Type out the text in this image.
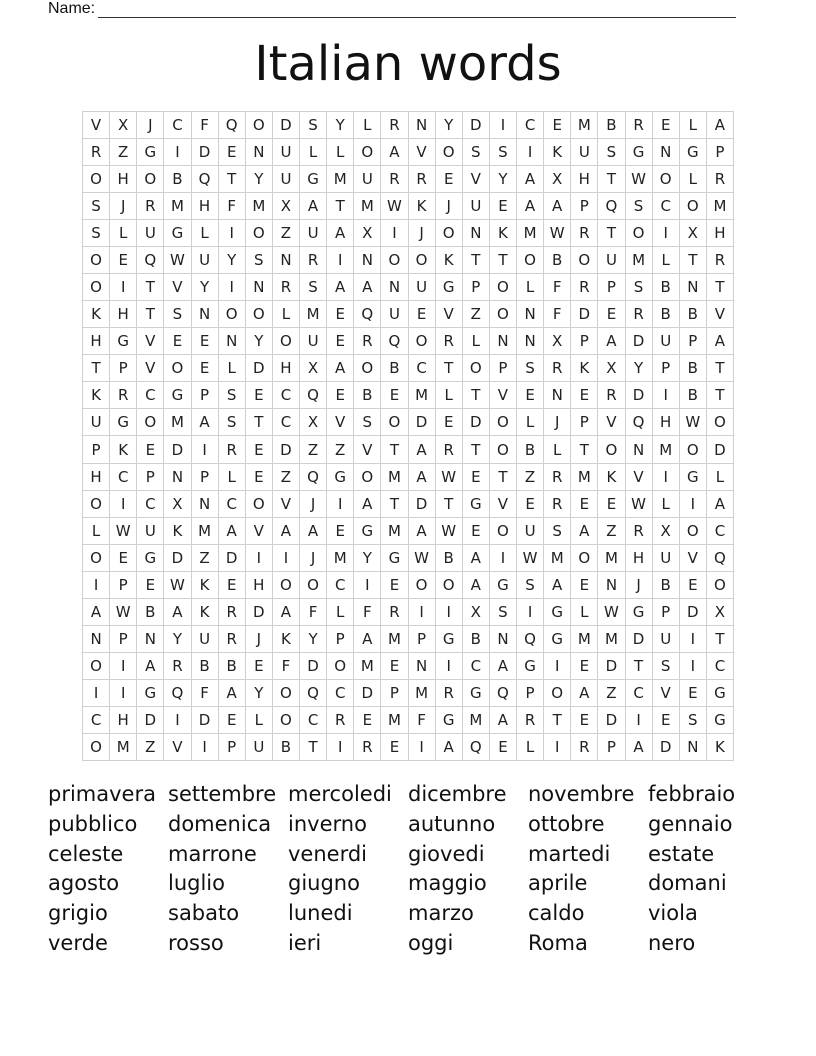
Name:
Italian words
V	X	J	C	F	Q	O	D	S	Y	L	R	N	Y	D	I	C	E	M	B	R	E	L	A
R	Z	G	I	D	E	N	U	L	L	O	A	V	O	S	S	I	K	U	S	G	N	G	P
O	H	O	B	Q	T	Y	U	G M	U	R	R	E	V	Y	A	X	H	T	W O	L	R
S	J	R	M	H	F	M	X	A	T	M W K	J	U	E	A	A	P	Q	S	C	O M
S	L	U	G	L	I	O	Z	U	A	X	I	J	O	N	K	M W R	T	O	I	X	H
O	E	Q W U	Y	S	N	R	I	N	O	O	K	T	T	O	B	O	U	M	L	T	R
O	I	T	V	Y	I	N	R	S	A	A	N	U	G	P	O	L	F	R	P	S	B	N	T
K	H	T	S	N	O	O	L	M	E	Q	U	E	V	Z	O	N	F	D	E	R	B	B	V
H	G	V	E	E	N	Y	O	U	E	R	Q	O	R	L	N	N	X	P	A	D	U	P	A
T	P	V	O	E	L	D	H	X	A	O	B	C	T	O	P	S	R	K	X	Y	P	B	T
K	R	C	G	P	S	E	C	Q	E	B	E	M	L	T	V	E	N	E	R	D	I	B	T
U	G	O M	A	S	T	C	X	V	S	O	D	E	D	O	L	J	P	V	Q	H W O
P	K	E	D	I	R	E	D	Z	Z	V	T	A	R	T	O	B	L	T	O	N	M O	D
H	C	P	N	P	L	E	Z	Q	G	O M	A W E	T	Z	R	M	K	V	I	G	L
O	I	C	X	N	C	O	V	J	I	A	T	D	T	G	V	E	R	E	E W	L	I	A
L	W U	K	M	A	V	A	A	E	G M	A W E	O	U	S	A	Z	R	X	O	C
O	E	G	D	Z	D	I	I	J	M	Y	G W B	A	I	W M O M	H	U	V	Q
I	P	E W K	E	H	O	O	C	I	E	O	O	A	G	S	A	E	N	J	B	E	O
A W B	A	K	R	D	A	F	L	F	R	I	I	X	S	I	G	L	W G	P	D	X
N	P	N	Y	U	R	J	K	Y	P	A	M	P	G	B	N	Q	G M M D	U	I	T
O	I	A	R	B	B	E	F	D	O M	E	N	I	C	A	G	I	E	D	T	S	I	C
I	I	G	Q	F	A	Y	O	Q	C	D	P	M	R	G	Q	P	O	A	Z	C	V	E	G
C	H	D	I	D	E	L	O	C	R	E	M	F	G M	A	R	T	E	D	I	E	S	G
O M	Z	V	I	P	U	B	T	I	R	E	I	A	Q	E	L	I	R	P	A	D	N	K
primavera settembre mercoledi dicembre	novembre febbraio
pubblico	domenica inverno	autunno	ottobre	gennaio
celeste	marrone	venerdi	giovedi	martedi	estate
agosto	luglio	giugno	maggio	aprile	domani
grigio	sabato	lunedi	marzo	caldo	viola
verde	rosso	ieri	oggi	Roma	nero
